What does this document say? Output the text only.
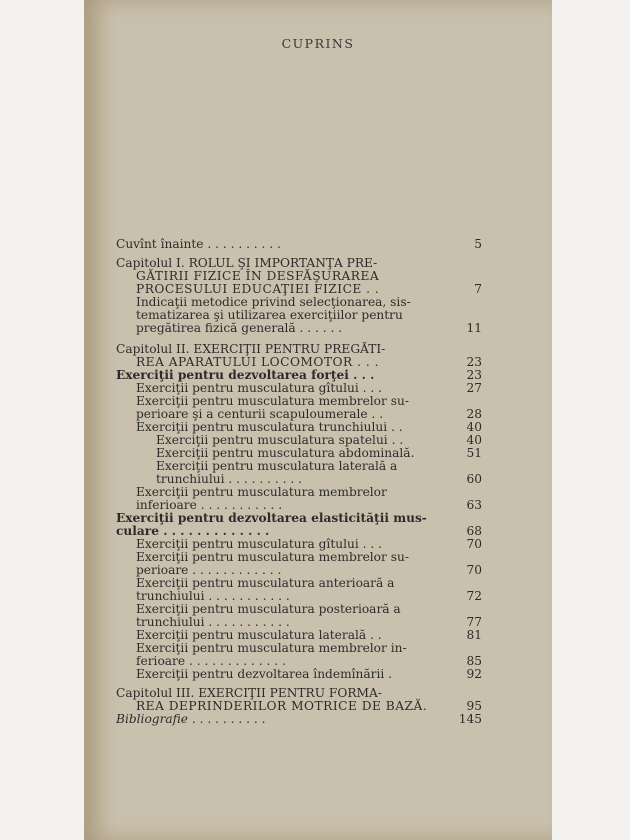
CUPRINS
Cuvînt înainte . . . . . . . . . .	5
Capitolul I. ROLUL ŞI IMPORTANŢA PRE-
GĂTIRII FIZICE ÎN DESFĂŞURAREA
PROCESULUI EDUCAŢIEI FIZICE . .	7
Indicaţii metodice privind selecţionarea, sis-
tematizarea şi utilizarea exerciţiilor pentru
pregătirea fizică generală . . . . . .	11
Capitolul II. EXERCIŢII PENTRU PREGĂTI-
REA APARATULUI LOCOMOTOR . . .	23
Exerciţii pentru dezvoltarea forţei . . .	23
Exerciţii pentru musculatura gîtului . . .	27
Exerciţii pentru musculatura membrelor su-
perioare şi a centurii scapuloumerale . .	28
Exerciţii pentru musculatura trunchiului . .	40
Exerciţii pentru musculatura spatelui . .	40
Exerciţii pentru musculatura abdominală.	51
Exerciţii pentru musculatura laterală a
trunchiului . . . . . . . . . .	60
Exerciţii pentru musculatura membrelor
inferioare . . . . . . . . . . .	63
Exerciţii pentru dezvoltarea elasticităţii mus-
culare . . . . . . . . . . . . .	68
Exerciţii pentru musculatura gîtului . . .	70
Exerciţii pentru musculatura membrelor su-
perioare . . . . . . . . . . . .	70
Exerciţii pentru musculatura anterioară a
trunchiului . . . . . . . . . . .	72
Exerciţii pentru musculatura posterioară a
trunchiului . . . . . . . . . . .	77
Exerciţii pentru musculatura laterală . .	81
Exerciţii pentru musculatura membrelor in-
ferioare . . . . . . . . . . . . .	85
Exerciţii pentru dezvoltarea îndemînării .	92
Capitolul III. EXERCIŢII PENTRU FORMA-
REA DEPRINDERILOR MOTRICE DE BAZĂ.	95
Bibliografie . . . . . . . . . .	145
